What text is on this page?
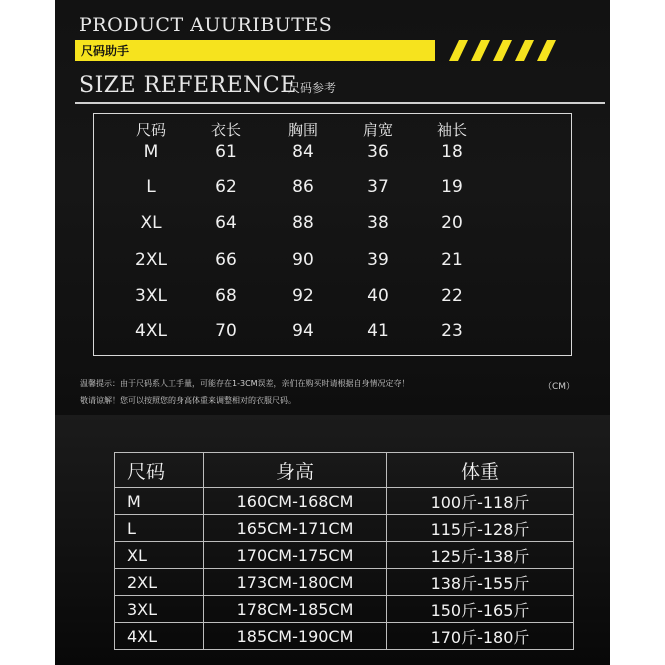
PRODUCT AUURIBUTES
尺码助手
SIZE REFERENCE
尺码参考
尺码	衣长	胸围	肩宽	袖长
M	61	84	36	18
L	62	86	37	19
XL	64	88	38	20
2XL	66	90	39	21
3XL	68	92	40	22
4XL	70	94	41	23
温馨提示：由于尺码系人工手量，可能存在1-3CM误差，亲们在购买时请根据自身情况定夺！
敬请谅解！您可以按照您的身高体重来调整相对的衣服尺码。
（CM）
尺码	身高	体重
M	160CM-168CM	100斤-118斤
L	165CM-171CM	115斤-128斤
XL	170CM-175CM	125斤-138斤
2XL	173CM-180CM	138斤-155斤
3XL	178CM-185CM	150斤-165斤
4XL	185CM-190CM	170斤-180斤
